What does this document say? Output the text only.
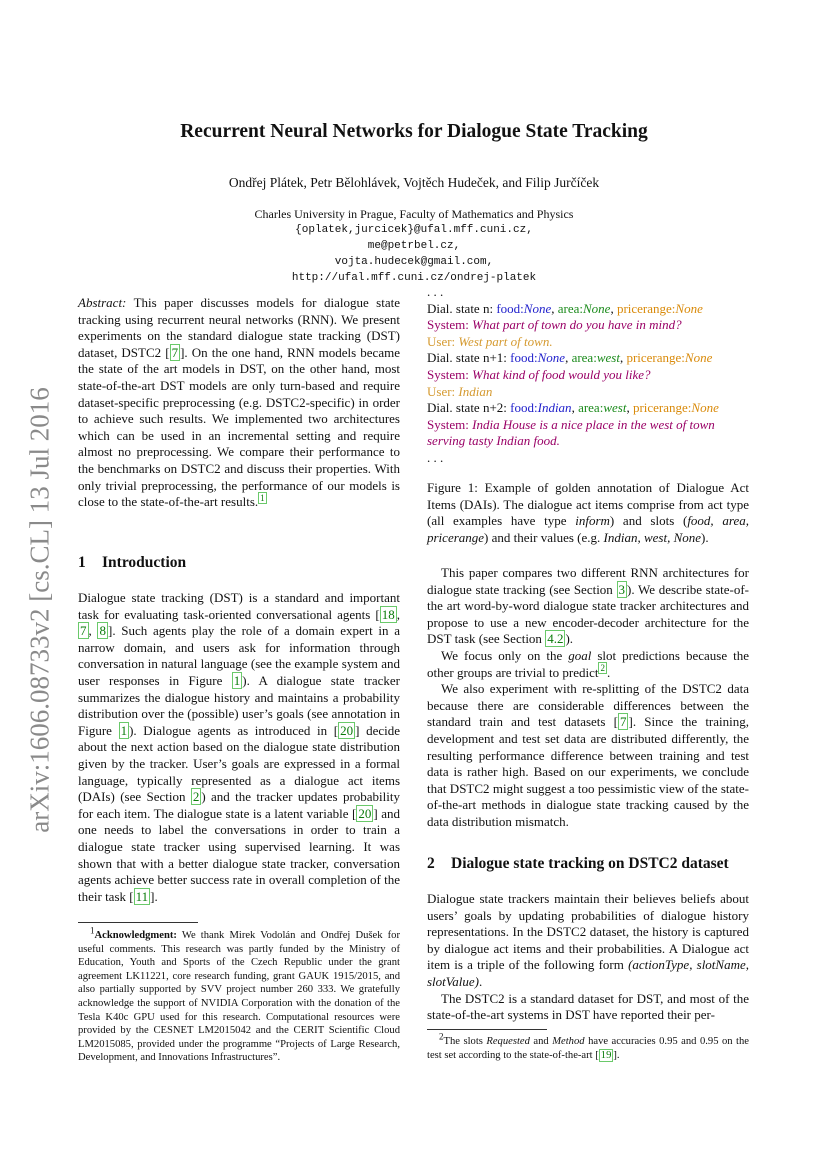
arXiv:1606.08733v2 [cs.CL] 13 Jul 2016
Recurrent Neural Networks for Dialogue State Tracking
Ondřej Plátek, Petr Bělohlávek, Vojtěch Hudeček, and Filip Jurčíček
Charles University in Prague, Faculty of Mathematics and Physics
{oplatek,jurcicek}@ufal.mff.cuni.cz,
me@petrbel.cz,
vojta.hudecek@gmail.com,
http://ufal.mff.cuni.cz/ondrej-platek

Abstract: This paper discusses models for dialogue state tracking using recurrent neural networks (RNN). We present experiments on the standard dialogue state tracking (DST) dataset, DSTC2 [ 7 ]. On the one hand, RNN models became the state of the art models in DST, on the other hand, most state-of-the-art DST models are only turn-based and require dataset-specific preprocessing (e.g. DSTC2-specific) in order to achieve such results. We implemented two architectures which can be used in an incremental setting and require almost no preprocessing. We compare their performance to the benchmarks on DSTC2 and discuss their properties. With only trivial preprocessing, the performance of our models is close to the state-of-the-art results. $^1$

1 Introduction

Dialogue state tracking (DST) is a standard and important task for evaluating task-oriented conversational agents [ 18 , 7 , 8 ]. Such agents play the role of a domain expert in a narrow domain, and users ask for information through conversation in natural language (see the example system and user responses in Figure 1 ). A dialogue state tracker summarizes the dialogue history and maintains a probability distribution over the (possible) user’s goals (see annotation in Figure 1 ). Dialogue agents as introduced in [ 20 ] decide about the next action based on the dialogue state distribution given by the tracker. User’s goals are expressed in a formal language, typically represented as a dialogue act items (DAIs) (see Section 2 ) and the tracker updates probability for each item. The dialogue state is a latent variable [ 20 ] and one needs to label the conversations in order to train a dialogue state tracker using supervised learning. It was shown that with a better dialogue state tracker, conversation agents achieve better success rate in overall completion of the their task [ 11 ].

$^1$Acknowledgment: We thank Mirek Vodolán and Ondřej Dušek for useful comments. This research was partly funded by the Ministry of Education, Youth and Sports of the Czech Republic under the grant agreement LK11221, core research funding, grant GAUK 1915/2015, and also partially supported by SVV project number 260 333. We gratefully acknowledge the support of NVIDIA Corporation with the donation of the Tesla K40c GPU used for this research. Computational resources were provided by the CESNET LM2015042 and the CERIT Scientific Cloud LM2015085, provided under the programme “Projects of Large Research, Development, and Innovations Infrastructures”.

. . .
Dial. state n: food:None, area:None, pricerange:None
System: What part of town do you have in mind?
User: West part of town.
Dial. state n+1: food:None, area:west, pricerange:None
System: What kind of food would you like?
User: Indian
Dial. state n+2: food:Indian, area:west, pricerange:None
System: India House is a nice place in the west of town serving tasty Indian food.
. . .

Figure 1: Example of golden annotation of Dialogue Act Items (DAIs). The dialogue act items comprise from act type (all examples have type inform) and slots (food, area, pricerange) and their values (e.g. Indian, west, None).

This paper compares two different RNN architectures for dialogue state tracking (see Section 3 ). We describe state-of-the art word-by-word dialogue state tracker architectures and propose to use a new encoder-decoder architecture for the DST task (see Section 4.2 ).

We focus only on the goal slot predictions because the other groups are trivial to predict $^2$ .

We also experiment with re-splitting of the DSTC2 data because there are considerable differences between the standard train and test datasets [ 7 ]. Since the training, development and test set data are distributed differently, the resulting performance difference between training and test data is rather high. Based on our experiments, we conclude that DSTC2 might suggest a too pessimistic view of the state-of-the-art methods in dialogue state tracking caused by the data distribution mismatch.

2 Dialogue state tracking on DSTC2 dataset

Dialogue state trackers maintain their believes beliefs about users’ goals by updating probabilities of dialogue history representations. In the DSTC2 dataset, the history is captured by dialogue act items and their probabilities. A Dialogue act item is a triple of the following form (actionType, slotName, slotValue).

The DSTC2 is a standard dataset for DST, and most of the state-of-the-art systems in DST have reported their per-

$^2$The slots Requested and Method have accuracies 0.95 and 0.95 on the test set according to the state-of-the-art [ 19 ].
